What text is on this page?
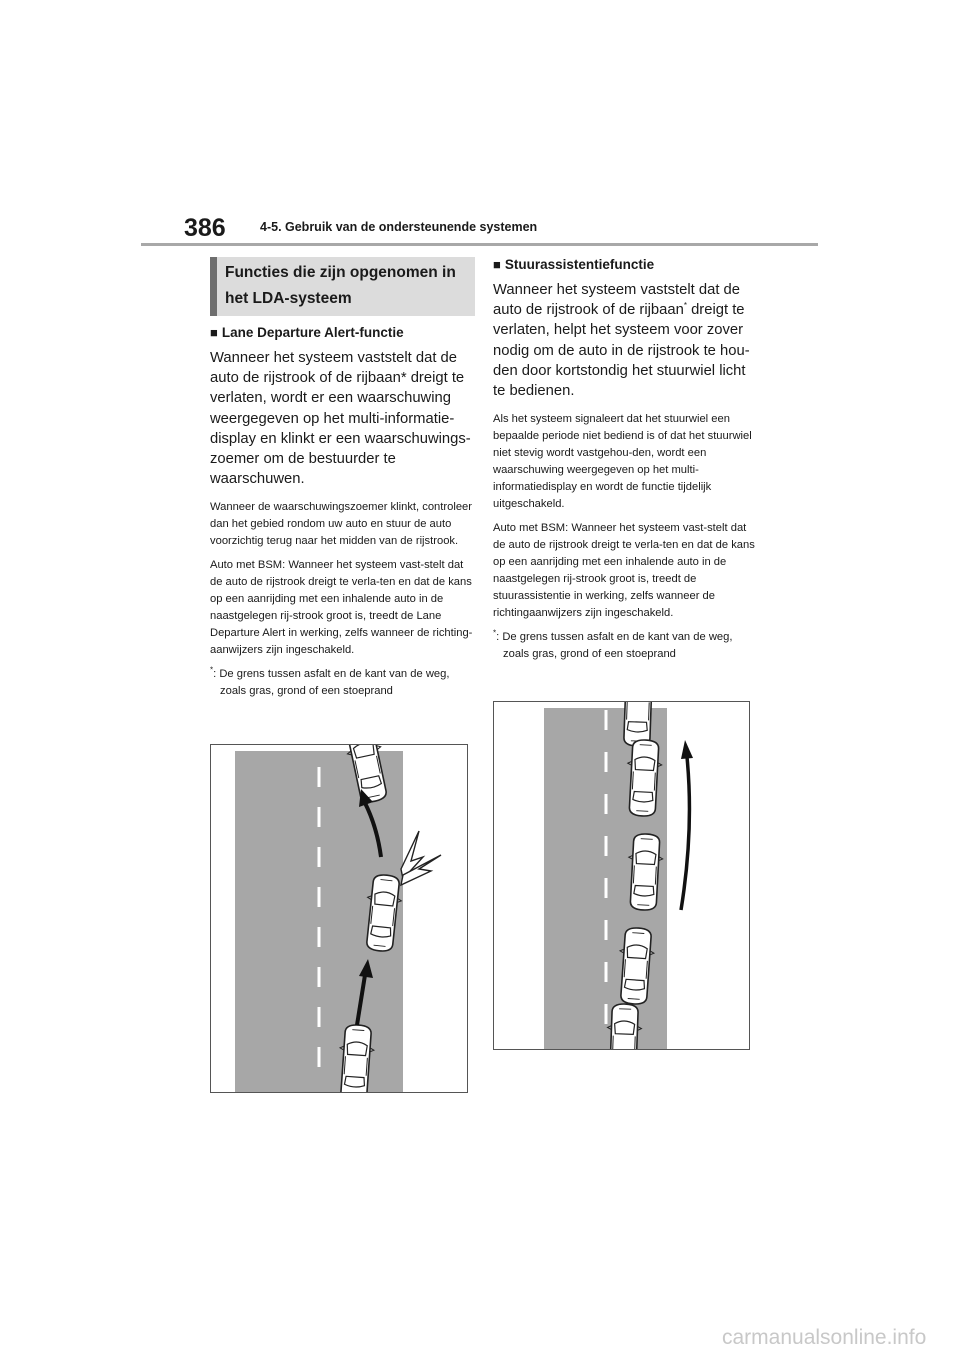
386	4-5. Gebruik van de ondersteunende systemen
Functies die zijn opgenomen in het LDA-systeem

■ Lane Departure Alert-functie

Wanneer het systeem vaststelt dat de auto de rijstrook of de rijbaan* dreigt te verlaten, wordt er een waarschuwing weergegeven op het multi-informatie-display en klinkt er een waarschuwings-zoemer om de bestuurder te waarschuwen.

Wanneer de waarschuwingszoemer klinkt, controleer dan het gebied rondom uw auto en stuur de auto voorzichtig terug naar het midden van de rijstrook.

Auto met BSM: Wanneer het systeem vast-stelt dat de auto de rijstrook dreigt te verla-ten en dat de kans op een aanrijding met een inhalende auto in de naastgelegen rij-strook groot is, treedt de Lane Departure Alert in werking, zelfs wanneer de richting-aanwijzers zijn ingeschakeld.

*: De grens tussen asfalt en de kant van de weg, zoals gras, grond of een stoeprand

■ Stuurassistentiefunctie

Wanneer het systeem vaststelt dat de auto de rijstrook of de rijbaan* dreigt te verlaten, helpt het systeem voor zover nodig om de auto in de rijstrook te hou-den door kortstondig het stuurwiel licht te bedienen.

Als het systeem signaleert dat het stuurwiel een bepaalde periode niet bediend is of dat het stuurwiel niet stevig wordt vastgehou-den, wordt een waarschuwing weergegeven op het multi-informatiedisplay en wordt de functie tijdelijk uitgeschakeld.

Auto met BSM: Wanneer het systeem vast-stelt dat de auto de rijstrook dreigt te verla-ten en dat de kans op een aanrijding met een inhalende auto in de naastgelegen rij-strook groot is, treedt de stuurassistentie in werking, zelfs wanneer de richtingaanwijzers zijn ingeschakeld.

*: De grens tussen asfalt en de kant van de weg, zoals gras, grond of een stoeprand

carmanualsonline.info
